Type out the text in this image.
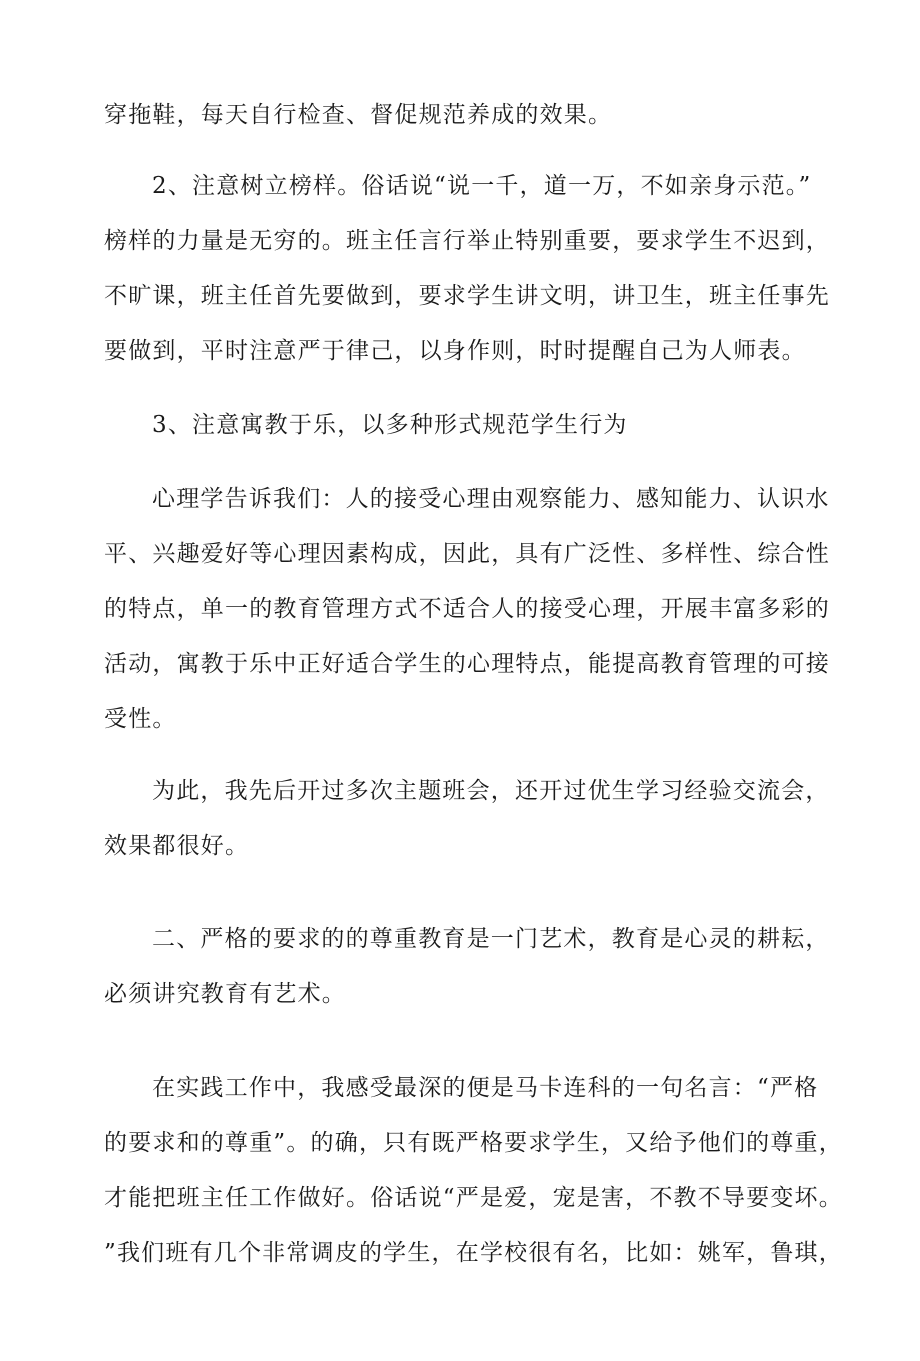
穿拖鞋，每天自行检查、督促规范养成的效果。
2、注意树立榜样。俗话说“说一千，道一万，不如亲身示范。”
榜样的力量是无穷的。班主任言行举止特别重要，要求学生不迟到，
不旷课，班主任首先要做到，要求学生讲文明，讲卫生，班主任事先
要做到，平时注意严于律己，以身作则，时时提醒自己为人师表。
3、注意寓教于乐，以多种形式规范学生行为
心理学告诉我们：人的接受心理由观察能力、感知能力、认识水
平、兴趣爱好等心理因素构成，因此，具有广泛性、多样性、综合性
的特点，单一的教育管理方式不适合人的接受心理，开展丰富多彩的
活动，寓教于乐中正好适合学生的心理特点，能提高教育管理的可接
受性。
为此，我先后开过多次主题班会，还开过优生学习经验交流会，
效果都很好。
二、严格的要求的的尊重教育是一门艺术，教育是心灵的耕耘，
必须讲究教育有艺术。
在实践工作中，我感受最深的便是马卡连科的一句名言：“严格
的要求和的尊重”。的确，只有既严格要求学生，又给予他们的尊重，
才能把班主任工作做好。俗话说“严是爱，宠是害，不教不导要变坏。
”我们班有几个非常调皮的学生，在学校很有名，比如：姚军，鲁琪，
